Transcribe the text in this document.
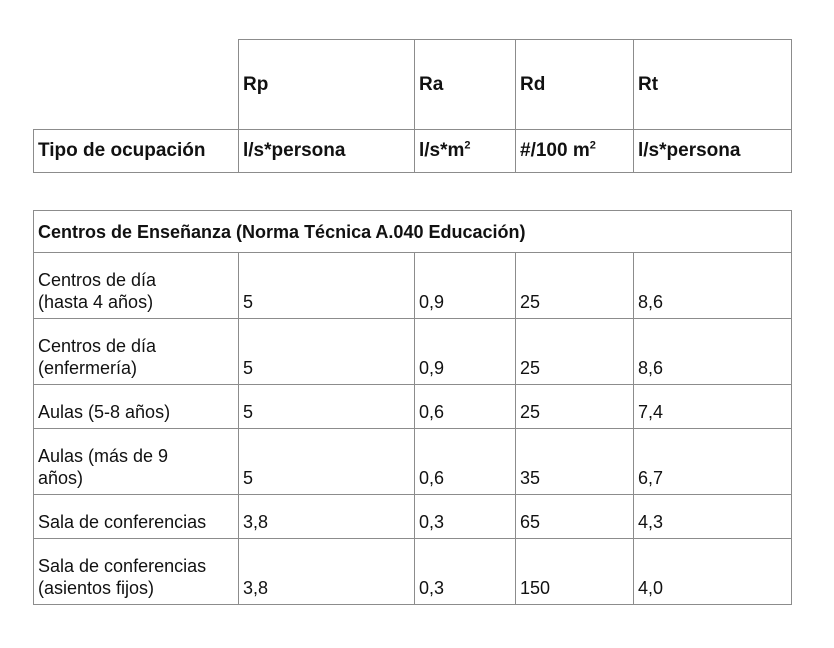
	Rp	Ra	Rd	Rt
Tipo de ocupación	l/s*persona	$l/s*m^2$	#/100 $m^2$	l/s*persona
Centros de Enseñanza (Norma Técnica A.040 Educación)				
Centros de día
(hasta 4 años)	5	0,9	25	8,6
Centros de día
(enfermería)	5	0,9	25	8,6
Aulas (5-8 años)	5	0,6	25	7,4
Aulas (más de 9
años)	5	0,6	35	6,7
Sala de conferencias	3,8	0,3	65	4,3
Sala de conferencias
(asientos fijos)	3,8	0,3	150	4,0
